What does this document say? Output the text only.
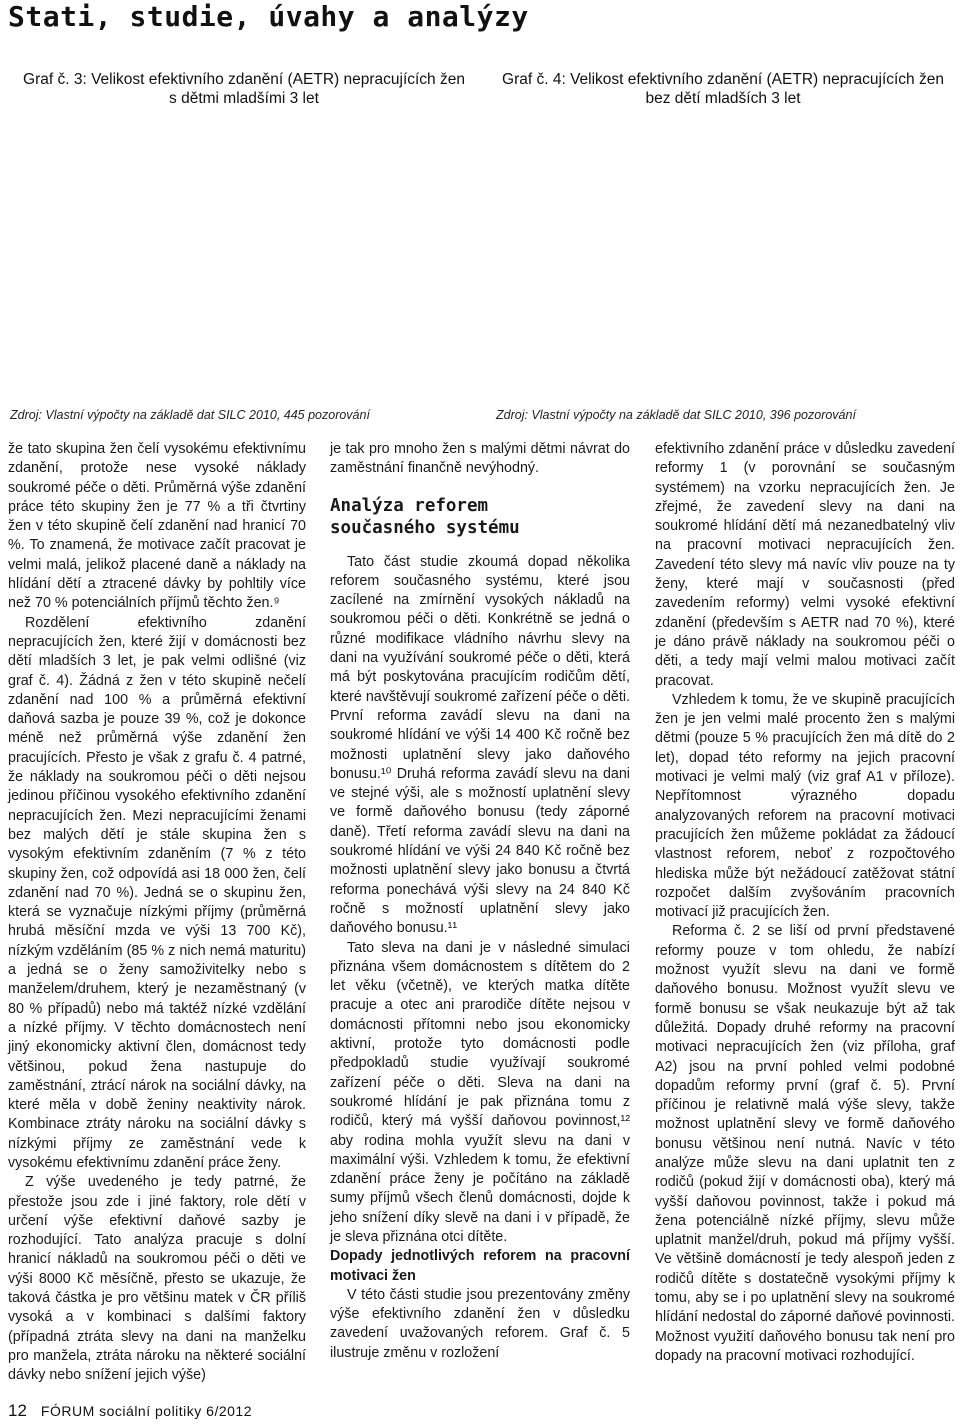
Stati, studie, úvahy a analýzy
Graf č. 3: Velikost efektivního zdanění (AETR) nepracujících žen
s dětmi mladšími 3 let
Graf č. 4: Velikost efektivního zdanění (AETR) nepracujících žen
bez dětí mladších 3 let
Zdroj: Vlastní výpočty na základě dat SILC 2010, 445 pozorování	Zdroj: Vlastní výpočty na základě dat SILC 2010, 396 pozorování

že tato skupina žen čelí vysokému efektivnímu zdanění, protože nese vysoké náklady soukromé péče o děti. Průměrná výše zdanění práce této skupiny žen je 77 % a tři čtvrtiny žen v této skupině čelí zdanění nad hranicí 70 %. To znamená, že motivace začít pracovat je velmi malá, jelikož placené daně a náklady na hlídání dětí a ztracené dávky by pohltily více než 70 % potenciálních příjmů těchto žen.⁹

Rozdělení efektivního zdanění nepracujících žen, které žijí v domácnosti bez dětí mladších 3 let, je pak velmi odlišné (viz graf č. 4). Žádná z žen v této skupině nečelí zdanění nad 100 % a průměrná efektivní daňová sazba je pouze 39 %, což je dokonce méně než průměrná výše zdanění žen pracujících. Přesto je však z grafu č. 4 patrné, že náklady na soukromou péči o děti nejsou jedinou příčinou vysokého efektivního zdanění nepracujících žen. Mezi nepracujícími ženami bez malých dětí je stále skupina žen s vysokým efektivním zdaněním (7 % z této skupiny žen, což odpovídá asi 18 000 žen, čelí zdanění nad 70 %). Jedná se o skupinu žen, která se vyznačuje nízkými příjmy (průměrná hrubá měsíční mzda ve výši 13 700 Kč), nízkým vzděláním (85 % z nich nemá maturitu) a jedná se o ženy samoživitelky nebo s manželem/druhem, který je nezaměstnaný (v 80 % případů) nebo má taktéž nízké vzdělání a nízké příjmy. V těchto domácnostech není jiný ekonomicky aktivní člen, domácnost tedy většinou, pokud žena nastupuje do zaměstnání, ztrácí nárok na sociální dávky, na které měla v době ženiny neaktivity nárok. Kombinace ztráty nároku na sociální dávky s nízkými příjmy ze zaměstnání vede k vysokému efektivnímu zdanění práce ženy.

Z výše uvedeného je tedy patrné, že přestože jsou zde i jiné faktory, role dětí v určení výše efektivní daňové sazby je rozhodující. Tato analýza pracuje s dolní hranicí nákladů na soukromou péči o děti ve výši 8000 Kč měsíčně, přesto se ukazuje, že taková částka je pro většinu matek v ČR příliš vysoká a v kombinaci s dalšími faktory (případná ztráta slevy na dani na manželku pro manžela, ztráta nároku na některé sociální dávky nebo snížení jejich výše)

je tak pro mnoho žen s malými dětmi návrat do zaměstnání finančně nevýhodný.

Analýza reforem
současného systému

Tato část studie zkoumá dopad několika reforem současného systému, které jsou zacílené na zmírnění vysokých nákladů na soukromou péči o děti. Konkrétně se jedná o různé modifikace vládního návrhu slevy na dani na využívání soukromé péče o děti, která má být poskytována pracujícím rodičům dětí, které navštěvují soukromé zařízení péče o děti. První reforma zavádí slevu na dani na soukromé hlídání ve výši 14 400 Kč ročně bez možnosti uplatnění slevy jako daňového bonusu.¹⁰ Druhá reforma zavádí slevu na dani ve stejné výši, ale s možností uplatnění slevy ve formě daňového bonusu (tedy záporné daně). Třetí reforma zavádí slevu na dani na soukromé hlídání ve výši 24 840 Kč ročně bez možnosti uplatnění slevy jako bonusu a čtvrtá reforma ponechává výši slevy na 24 840 Kč ročně s možností uplatnění slevy jako daňového bonusu.¹¹

Tato sleva na dani je v následné simulaci přiznána všem domácnostem s dítětem do 2 let věku (včetně), ve kterých matka dítěte pracuje a otec ani prarodiče dítěte nejsou v domácnosti přítomni nebo jsou ekonomicky aktivní, protože tyto domácnosti podle předpokladů studie využívají soukromé zařízení péče o děti. Sleva na dani na soukromé hlídání je pak přiznána tomu z rodičů, který má vyšší daňovou povinnost,¹² aby rodina mohla využít slevu na dani v maximální výši. Vzhledem k tomu, že efektivní zdanění práce ženy je počítáno na základě sumy příjmů všech členů domácnosti, dojde k jeho snížení díky slevě na dani i v případě, že je sleva přiznána otci dítěte.

Dopady jednotlivých reforem na pracovní motivaci žen

V této části studie jsou prezentovány změny výše efektivního zdanění žen v důsledku zavedení uvažovaných reforem. Graf č. 5 ilustruje změnu v rozložení

efektivního zdanění práce v důsledku zavedení reformy 1 (v porovnání se současným systémem) na vzorku nepracujících žen. Je zřejmé, že zavedení slevy na dani na soukromé hlídání dětí má nezanedbatelný vliv na pracovní motivaci nepracujících žen. Zavedení této slevy má navíc vliv pouze na ty ženy, které mají v současnosti (před zavedením reformy) velmi vysoké efektivní zdanění (především s AETR nad 70 %), které je dáno právě náklady na soukromou péči o děti, a tedy mají velmi malou motivaci začít pracovat.

Vzhledem k tomu, že ve skupině pracujících žen je jen velmi malé procento žen s malými dětmi (pouze 5 % pracujících žen má dítě do 2 let), dopad této reformy na jejich pracovní motivaci je velmi malý (viz graf A1 v příloze). Nepřítomnost výrazného dopadu analyzovaných reforem na pracovní motivaci pracujících žen můžeme pokládat za žádoucí vlastnost reforem, neboť z rozpočtového hlediska může být nežádoucí zatěžovat státní rozpočet dalším zvyšováním pracovních motivací již pracujících žen.

Reforma č. 2 se liší od první představené reformy pouze v tom ohledu, že nabízí možnost využít slevu na dani ve formě daňového bonusu. Možnost využít slevu ve formě bonusu se však neukazuje být až tak důležitá. Dopady druhé reformy na pracovní motivaci nepracujících žen (viz příloha, graf A2) jsou na první pohled velmi podobné dopadům reformy první (graf č. 5). První příčinou je relativně malá výše slevy, takže možnost uplatnění slevy ve formě daňového bonusu většinou není nutná. Navíc v této analýze může slevu na dani uplatnit ten z rodičů (pokud žijí v domácnosti oba), který má vyšší daňovou povinnost, takže i pokud má žena potenciálně nízké příjmy, slevu může uplatnit manžel/druh, pokud má příjmy vyšší. Ve většině domácností je tedy alespoň jeden z rodičů dítěte s dostatečně vysokými příjmy k tomu, aby se i po uplatnění slevy na soukromé hlídání nedostal do záporné daňové povinnosti. Možnost využití daňového bonusu tak není pro dopady na pracovní motivaci rozhodující.

12 FÓRUM sociální politiky 6/2012
